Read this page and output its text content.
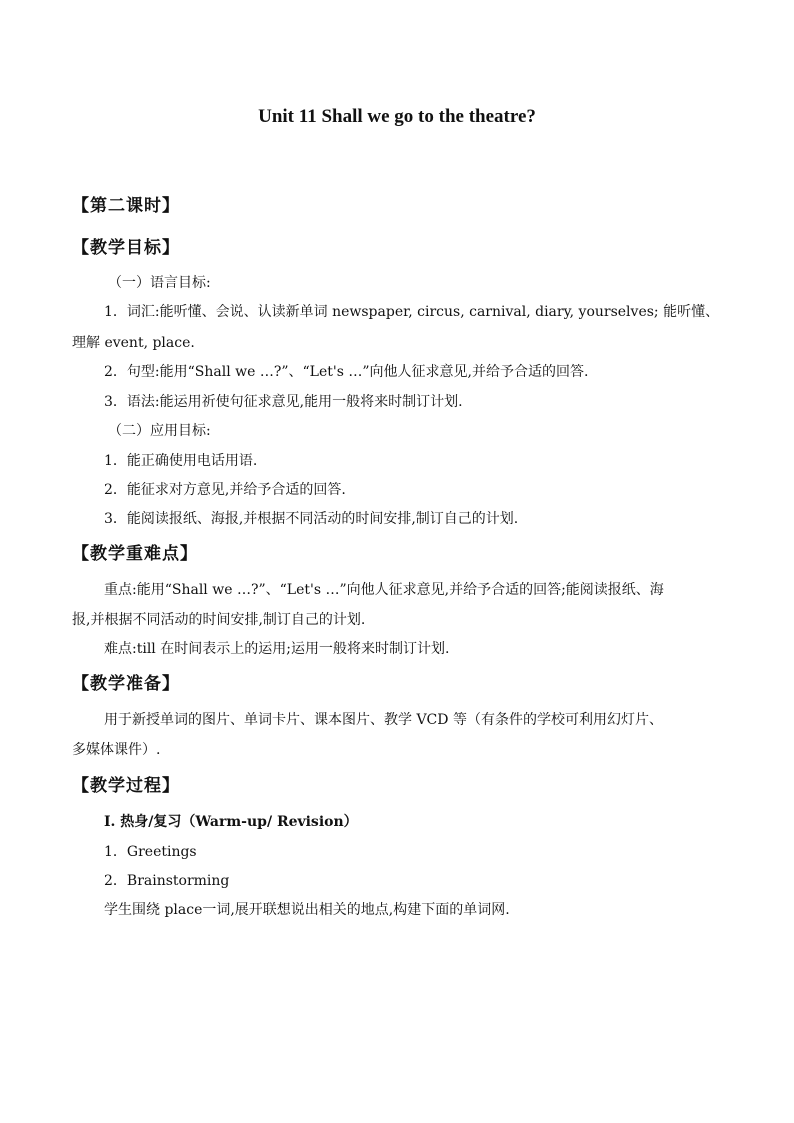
Unit 11 Shall we go to the theatre?

【第二课时】

【教学目标】

（一）语言目标:

1．词汇:能听懂、会说、认读新单词 newspaper, circus, carnival, diary, yourselves; 能听懂、

理解 event, place.

2．句型:能用“Shall we …?”、“Let's …”向他人征求意见,并给予合适的回答.

3．语法:能运用祈使句征求意见,能用一般将来时制订计划.

（二）应用目标:

1．能正确使用电话用语.

2．能征求对方意见,并给予合适的回答.

3．能阅读报纸、海报,并根据不同活动的时间安排,制订自己的计划.

【教学重难点】

重点:能用“Shall we …?”、“Let's …”向他人征求意见,并给予合适的回答;能阅读报纸、海

报,并根据不同活动的时间安排,制订自己的计划.

难点:till 在时间表示上的运用;运用一般将来时制订计划.

【教学准备】

用于新授单词的图片、单词卡片、课本图片、教学 VCD 等（有条件的学校可利用幻灯片、

多媒体课件）.

【教学过程】

I. 热身/复习（Warm-up/ Revision）

1．Greetings

2．Brainstorming

学生围绕 place一词,展开联想说出相关的地点,构建下面的单词网.
